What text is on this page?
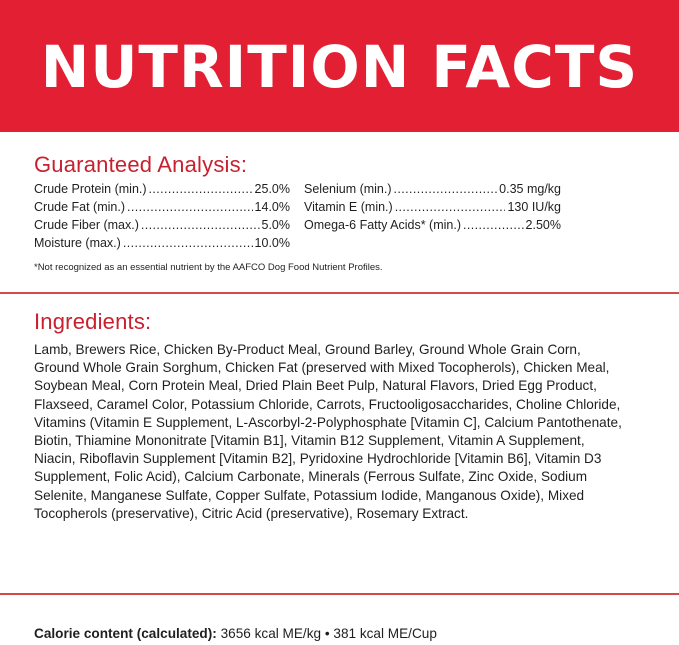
NUTRITION FACTS
Guaranteed Analysis:
Crude Protein (min.) .....	25.0%
Crude Fat (min.) .....	14.0%
Crude Fiber (max.) .....	5.0%
Moisture (max.) .....	10.0%
Selenium (min.) .....	0.35 mg/kg
Vitamin E (min.) .....	130 IU/kg
Omega-6 Fatty Acids* (min.) .....	2.50%
*Not recognized as an essential nutrient by the AAFCO Dog Food Nutrient Profiles.
Ingredients:
Lamb, Brewers Rice, Chicken By-Product Meal, Ground Barley, Ground Whole Grain Corn, Ground Whole Grain Sorghum, Chicken Fat (preserved with Mixed Tocopherols), Chicken Meal, Soybean Meal, Corn Protein Meal, Dried Plain Beet Pulp, Natural Flavors, Dried Egg Product, Flaxseed, Caramel Color, Potassium Chloride, Carrots, Fructooligosaccharides, Choline Chloride, Vitamins (Vitamin E Supplement, L-Ascorbyl-2-Polyphosphate [Vitamin C], Calcium Pantothenate, Biotin, Thiamine Mononitrate [Vitamin B1], Vitamin B12 Supplement, Vitamin A Supplement, Niacin, Riboflavin Supplement [Vitamin B2], Pyridoxine Hydrochloride [Vitamin B6], Vitamin D3 Supplement, Folic Acid), Calcium Carbonate, Minerals (Ferrous Sulfate, Zinc Oxide, Sodium Selenite, Manganese Sulfate, Copper Sulfate, Potassium Iodide, Manganous Oxide), Mixed Tocopherols (preservative), Citric Acid (preservative), Rosemary Extract.
Calorie content (calculated): 3656 kcal ME/kg • 381 kcal ME/Cup
